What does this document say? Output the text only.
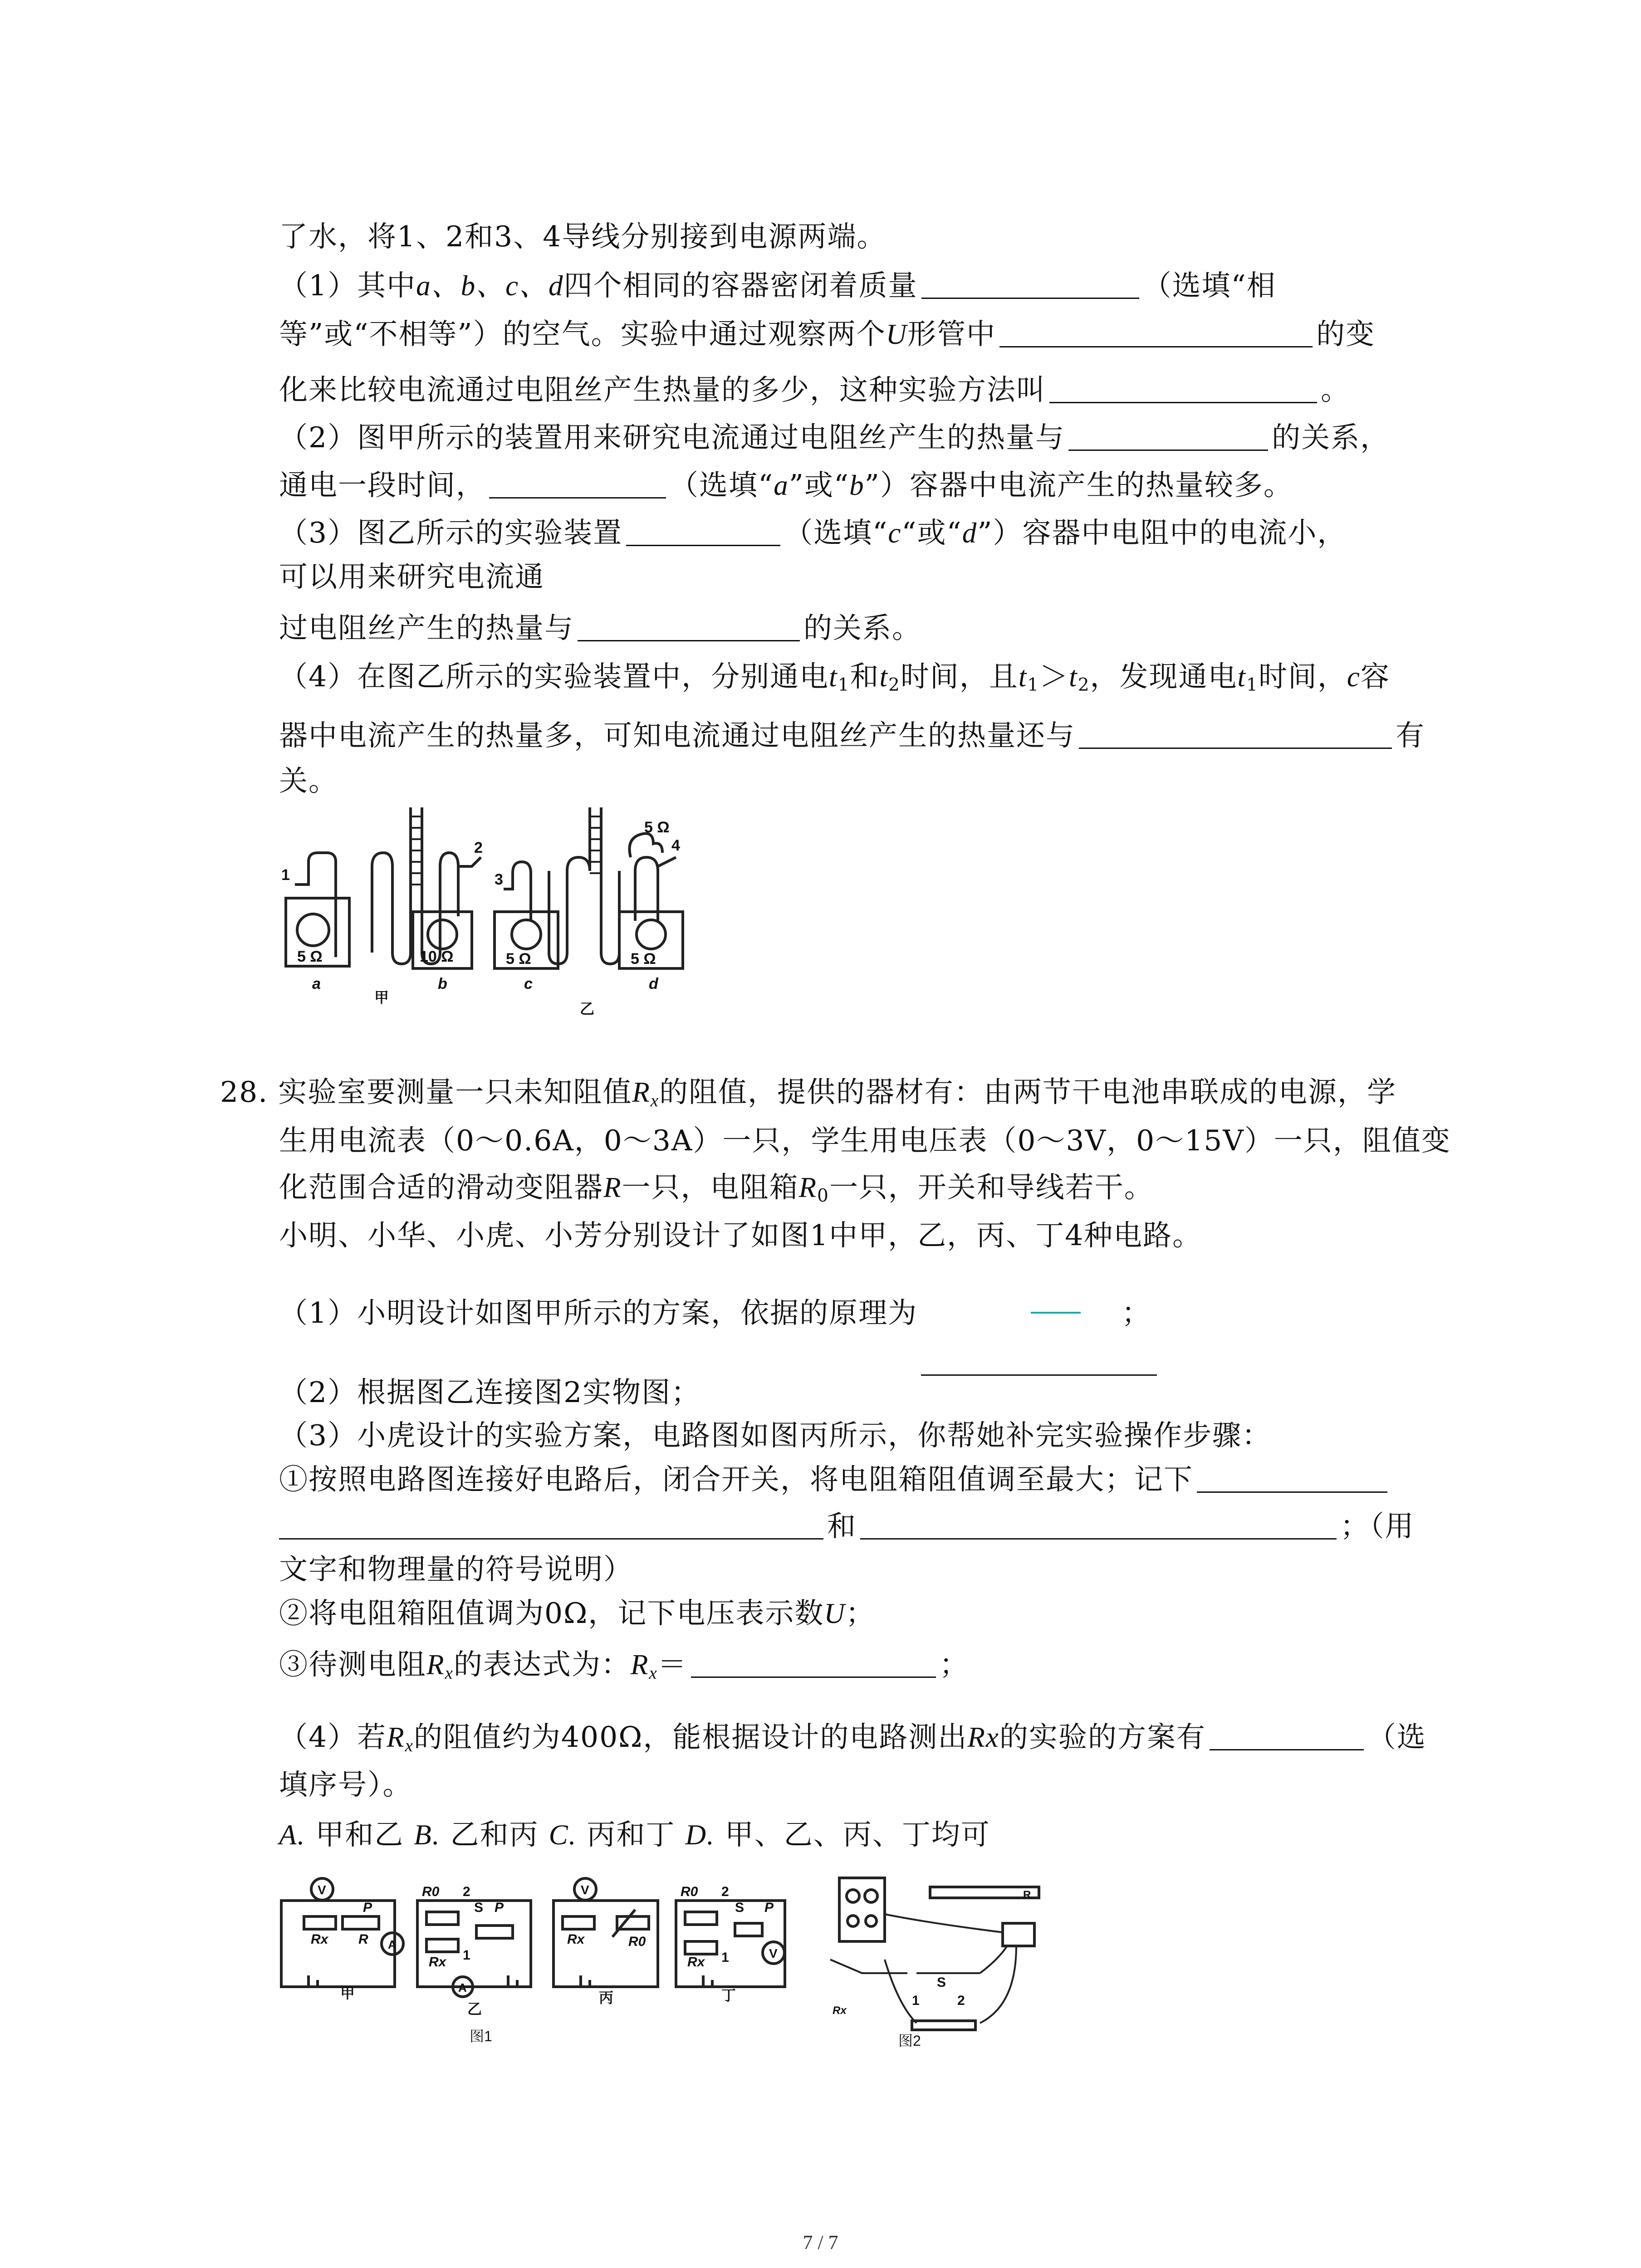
了水，将1、2和3、4导线分别接到电源两端。
（1）其中a、b、c、d四个相同的容器密闭着质量	（选填“相
等”或“不相等”）的空气。实验中通过观察两个U形管中	的变
化来比较电流通过电阻丝产生热量的多少，这种实验方法叫	。
（2）图甲所示的装置用来研究电流通过电阻丝产生的热量与	的关系，
通电一段时间，	（选填“a”或“b”）容器中电流产生的热量较多。
（3）图乙所示的实验装置	（选填“c“或“d”）容器中电阻中的电流小，
可以用来研究电流通
过电阻丝产生的热量与	的关系。
（4）在图乙所示的实验装置中，分别通电$t_1$和$t_2$时间，且$t_1>t_2$，发现通电$t_1$时间，c容
器中电流产生的热量多，可知电流通过电阻丝产生的热量还与	有
关。
1
2
3
4
5 Ω	10 Ω	5 Ω	5 Ω
5 Ω
a	b	c	d
甲
乙
28. 实验室要测量一只未知阻值$R_x$的阻值，提供的器材有：由两节干电池串联成的电源，学
生用电流表（0～0.6A，0～3A）一只，学生用电压表（0～3V，0～15V）一只，阻值变
化范围合适的滑动变阻器R一只，电阻箱$R_0$一只，开关和导线若干。
小明、小华、小虎、小芳分别设计了如图1中甲，乙，丙、丁4种电路。
（1）小明设计如图甲所示的方案，依据的原理为	；
（2）根据图乙连接图2实物图；
（3）小虎设计的实验方案，电路图如图丙所示，你帮她补完实验操作步骤：
①按照电路图连接好电路后，闭合开关，将电阻箱阻值调至最大；记下
和	；（用
文字和物理量的符号说明）
②将电阻箱阻值调为0Ω，记下电压表示数U；
③待测电阻$R_x$的表达式为：$R_x=$	；
（4）若$R_x$的阻值约为400Ω，能根据设计的电路测出Rx的实验的方案有	（选
填序号）。
A. 甲和乙 B. 乙和丙 C. 丙和丁 D. 甲、乙、丙、丁均可
V
A
A
V
V
P
R
Rx
R0 2
S P
1
Rx
Rx	R0
R0 2
S P
1
Rx
S
1	2
Rx
R
甲
乙
丙	丁
图1	图2
7 / 7
